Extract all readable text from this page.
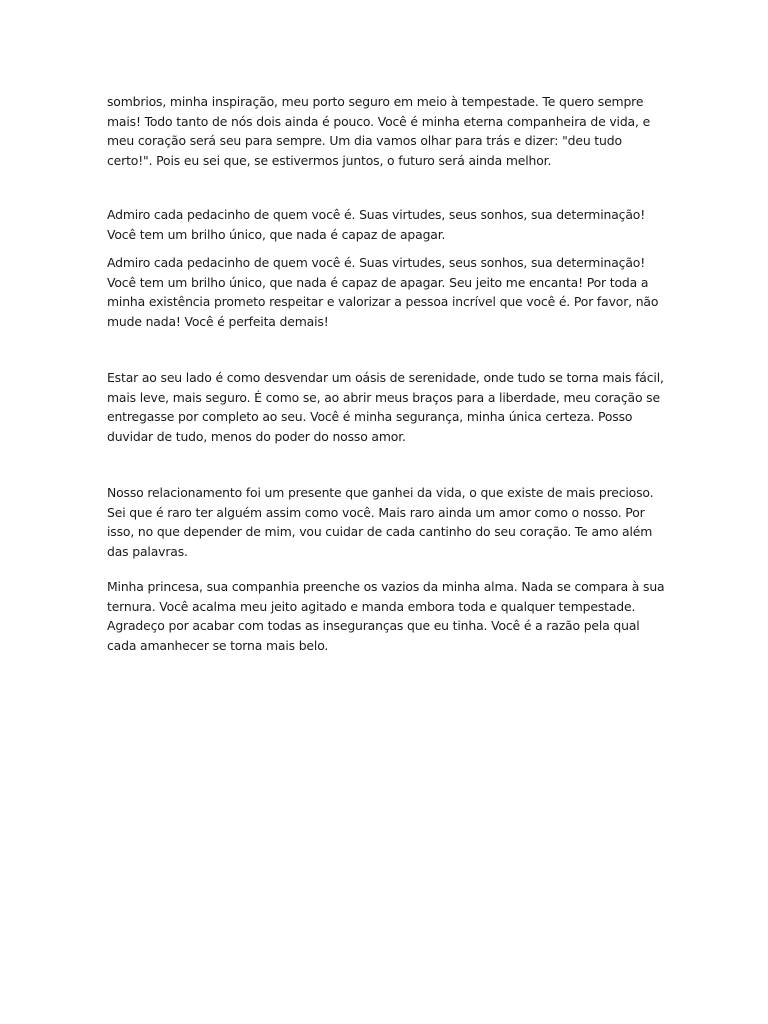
sombrios, minha inspiração, meu porto seguro em meio à tempestade. Te quero sempre mais! Todo tanto de nós dois ainda é pouco. Você é minha eterna companheira de vida, e meu coração será seu para sempre. Um dia vamos olhar para trás e dizer: "deu tudo certo!". Pois eu sei que, se estivermos juntos, o futuro será ainda melhor.

Admiro cada pedacinho de quem você é. Suas virtudes, seus sonhos, sua determinação! Você tem um brilho único, que nada é capaz de apagar.

Admiro cada pedacinho de quem você é. Suas virtudes, seus sonhos, sua determinação! Você tem um brilho único, que nada é capaz de apagar. Seu jeito me encanta! Por toda a minha existência prometo respeitar e valorizar a pessoa incrível que você é. Por favor, não mude nada! Você é perfeita demais!

Estar ao seu lado é como desvendar um oásis de serenidade, onde tudo se torna mais fácil, mais leve, mais seguro. É como se, ao abrir meus braços para a liberdade, meu coração se entregasse por completo ao seu. Você é minha segurança, minha única certeza. Posso duvidar de tudo, menos do poder do nosso amor.

Nosso relacionamento foi um presente que ganhei da vida, o que existe de mais precioso. Sei que é raro ter alguém assim como você. Mais raro ainda um amor como o nosso. Por isso, no que depender de mim, vou cuidar de cada cantinho do seu coração. Te amo além das palavras.

Minha princesa, sua companhia preenche os vazios da minha alma. Nada se compara à sua ternura. Você acalma meu jeito agitado e manda embora toda e qualquer tempestade. Agradeço por acabar com todas as inseguranças que eu tinha. Você é a razão pela qual cada amanhecer se torna mais belo.
